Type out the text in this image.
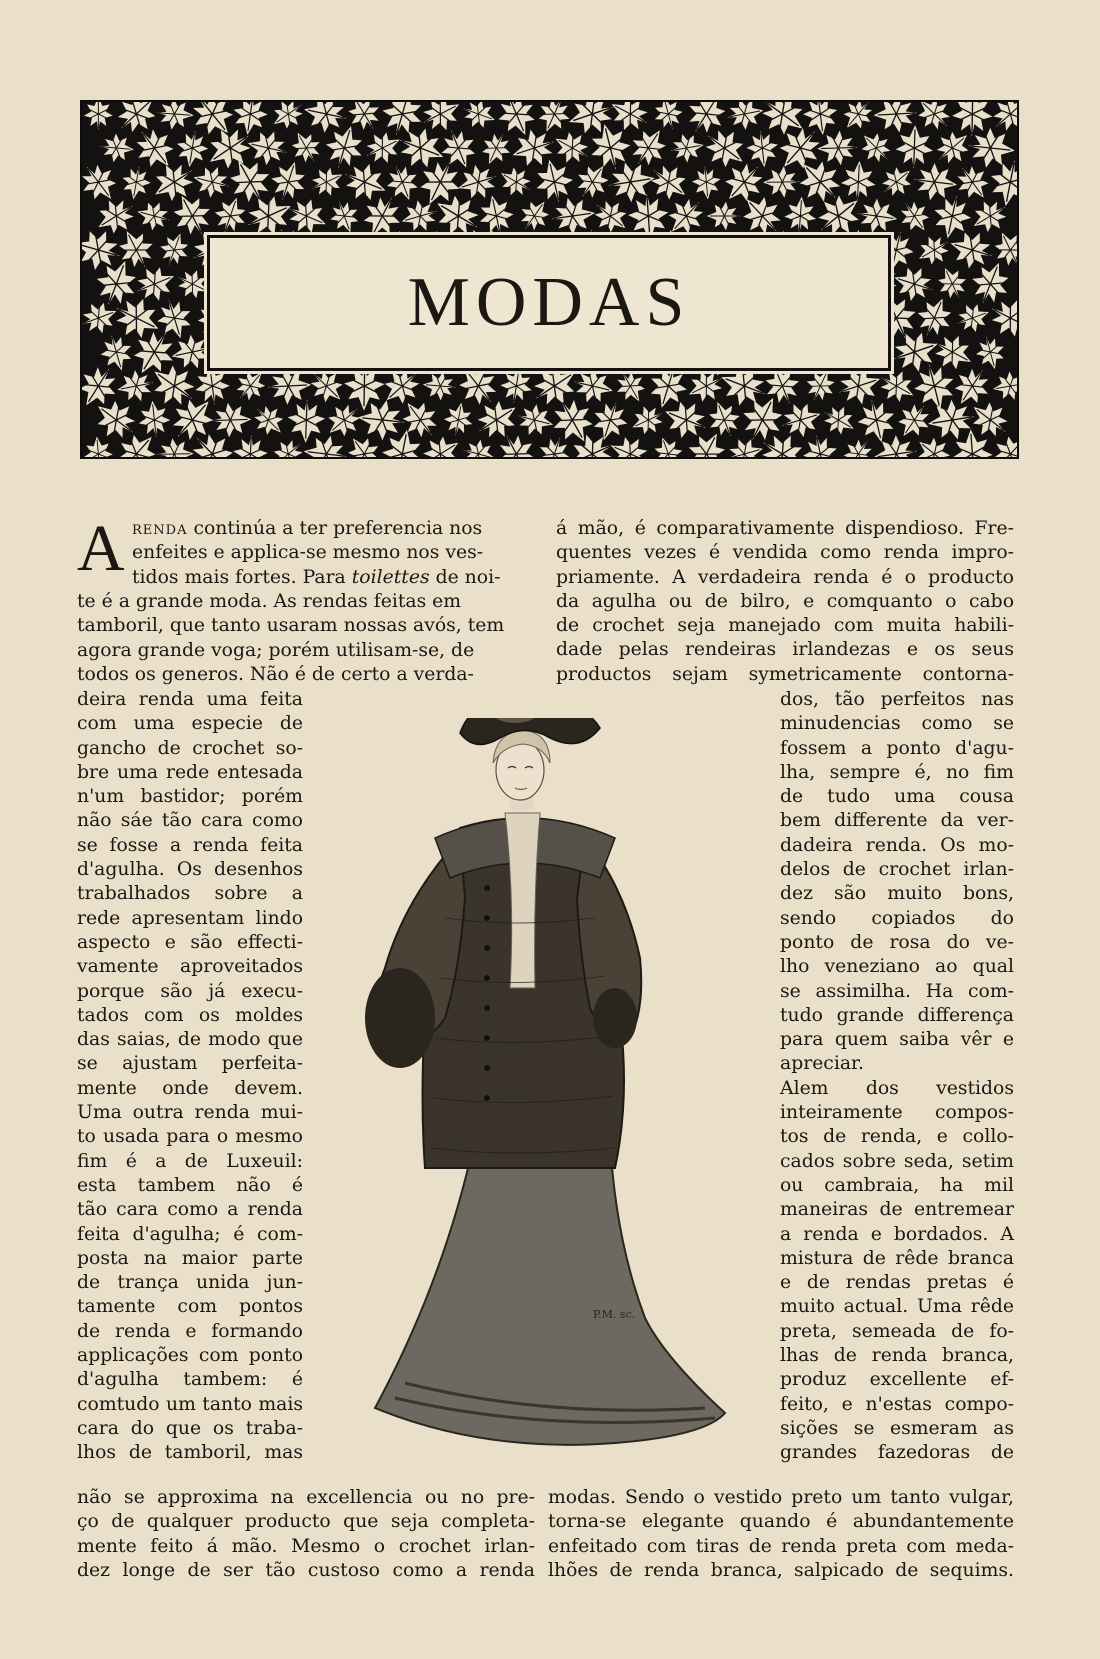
MODAS
A renda continúa a ter preferencia nos
enfeites e applica-se mesmo nos ves-
tidos mais fortes. Para toilettes de noi-
te é a grande moda. As rendas feitas em
tamboril, que tanto usaram nossas avós, tem
agora grande voga; porém utilisam-se, de
todos os generos. Não é de certo a verda-
deira renda uma feita
com uma especie de
gancho de crochet so-
bre uma rede entesada
n'um bastidor; porém
não sáe tão cara como
se fosse a renda feita
d'agulha. Os desenhos
trabalhados sobre a
rede apresentam lindo
aspecto e são effecti-
vamente aproveitados
porque são já execu-
tados com os moldes
das saias, de modo que
se ajustam perfeita-
mente onde devem.
Uma outra renda mui-
to usada para o mesmo
fim é a de Luxeuil:
esta tambem não é
tão cara como a renda
feita d'agulha; é com-
posta na maior parte
de trança unida jun-
tamente com pontos
de renda e formando
applicações com ponto
d'agulha tambem: é
comtudo um tanto mais
cara do que os traba-
lhos de tamboril, mas
não se approxima na excellencia ou no pre-
ço de qualquer producto que seja completa-
mente feito á mão. Mesmo o crochet irlan-
dez longe de ser tão custoso como a renda
á mão, é comparativamente dispendioso. Fre-
quentes vezes é vendida como renda impro-
priamente. A verdadeira renda é o producto
da agulha ou de bilro, e comquanto o cabo
de crochet seja manejado com muita habili-
dade pelas rendeiras irlandezas e os seus
productos sejam symetricamente contorna-
dos, tão perfeitos nas
minudencias como se
fossem a ponto d'agu-
lha, sempre é, no fim
de tudo uma cousa
bem differente da ver-
dadeira renda. Os mo-
delos de crochet irlan-
dez são muito bons,
sendo copiados do
ponto de rosa do ve-
lho veneziano ao qual
se assimilha. Ha com-
tudo grande differença
para quem saiba vêr e
apreciar.
Alem dos vestidos
inteiramente compos-
tos de renda, e collo-
cados sobre seda, setim
ou cambraia, ha mil
maneiras de entremear
a renda e bordados. A
mistura de rêde branca
e de rendas pretas é
muito actual. Uma rêde
preta, semeada de fo-
lhas de renda branca,
produz excellente ef-
feito, e n'estas compo-
sições se esmeram as
grandes fazedoras de
modas. Sendo o vestido preto um tanto vulgar,
torna-se elegante quando é abundantemente
enfeitado com tiras de renda preta com meda-
lhões de renda branca, salpicado de sequims.
P.M. sc.
